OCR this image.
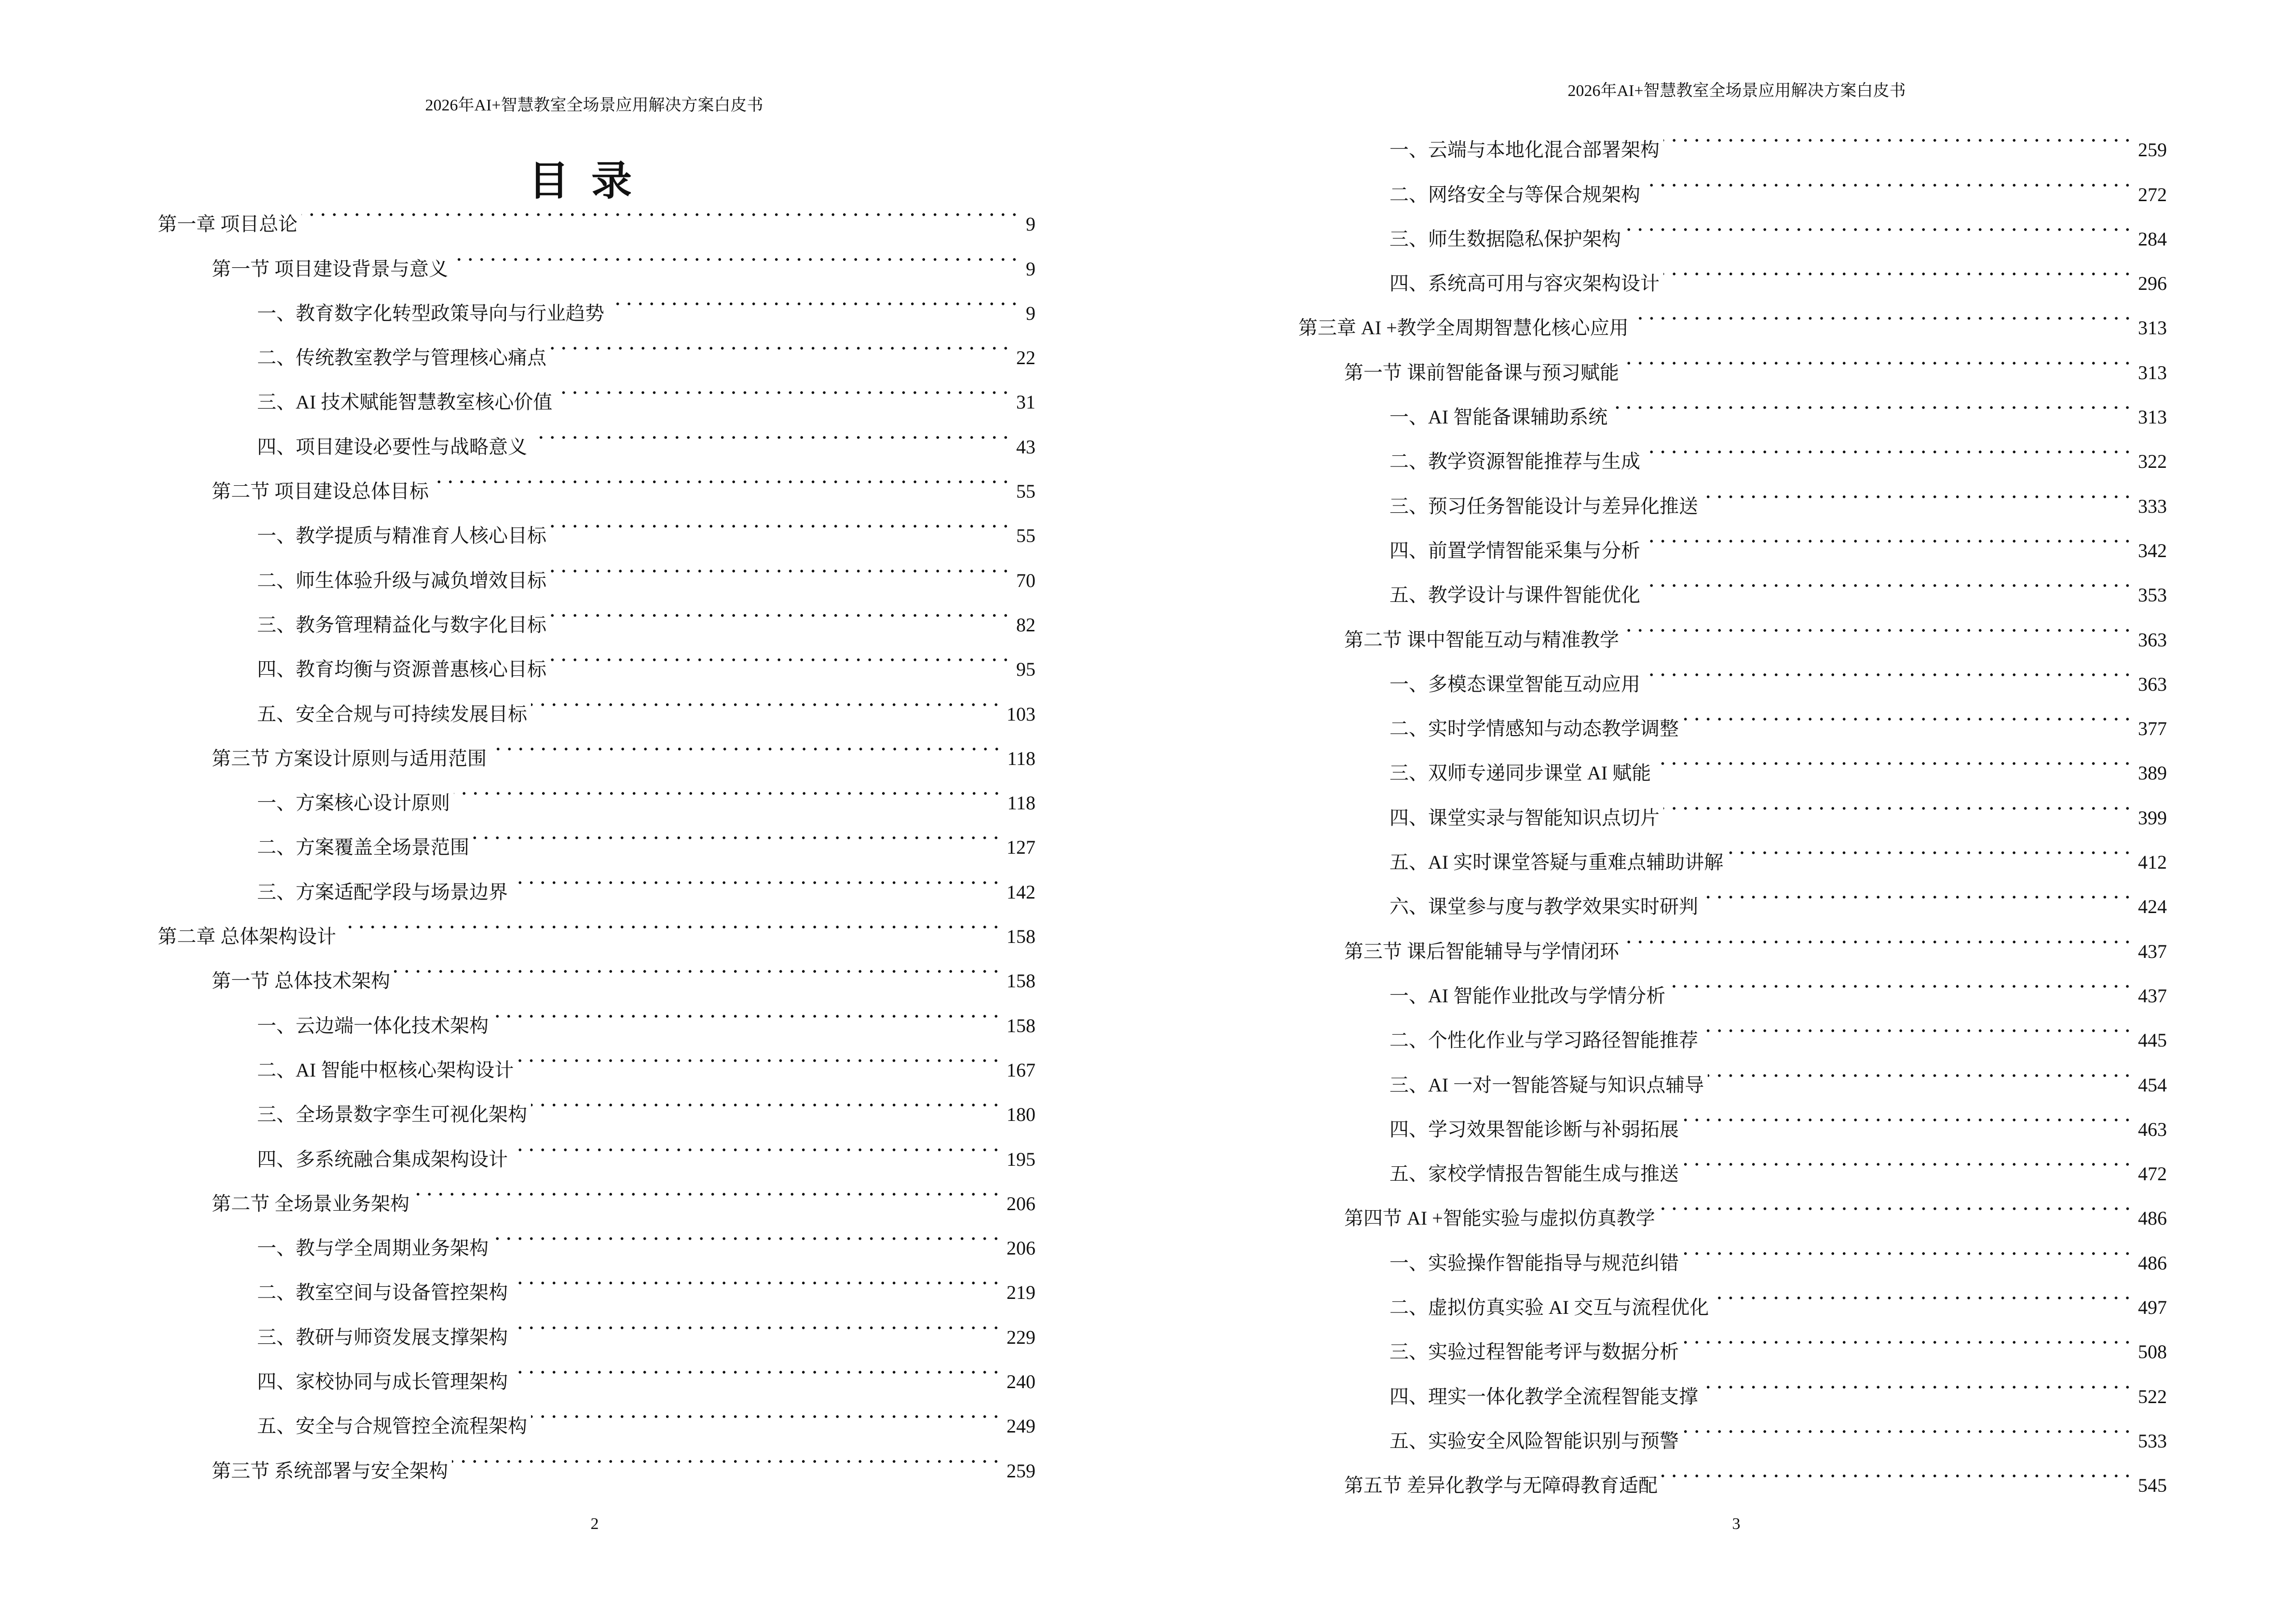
2026年AI+智慧教室全场景应用解决方案白皮书
目录
第一章 项目总论	9
第一节 项目建设背景与意义	9
一、教育数字化转型政策导向与行业趋势	9
二、传统教室教学与管理核心痛点	22
三、AI 技术赋能智慧教室核心价值	31
四、项目建设必要性与战略意义	43
第二节 项目建设总体目标	55
一、教学提质与精准育人核心目标	55
二、师生体验升级与减负增效目标	70
三、教务管理精益化与数字化目标	82
四、教育均衡与资源普惠核心目标	95
五、安全合规与可持续发展目标	103
第三节 方案设计原则与适用范围	118
一、方案核心设计原则	118
二、方案覆盖全场景范围	127
三、方案适配学段与场景边界	142
第二章 总体架构设计	158
第一节 总体技术架构	158
一、云边端一体化技术架构	158
二、AI 智能中枢核心架构设计	167
三、全场景数字孪生可视化架构	180
四、多系统融合集成架构设计	195
第二节 全场景业务架构	206
一、教与学全周期业务架构	206
二、教室空间与设备管控架构	219
三、教研与师资发展支撑架构	229
四、家校协同与成长管理架构	240
五、安全与合规管控全流程架构	249
第三节 系统部署与安全架构	259
2
2026年AI+智慧教室全场景应用解决方案白皮书
一、云端与本地化混合部署架构	259
二、网络安全与等保合规架构	272
三、师生数据隐私保护架构	284
四、系统高可用与容灾架构设计	296
第三章 AI +教学全周期智慧化核心应用	313
第一节 课前智能备课与预习赋能	313
一、AI 智能备课辅助系统	313
二、教学资源智能推荐与生成	322
三、预习任务智能设计与差异化推送	333
四、前置学情智能采集与分析	342
五、教学设计与课件智能优化	353
第二节 课中智能互动与精准教学	363
一、多模态课堂智能互动应用	363
二、实时学情感知与动态教学调整	377
三、双师专递同步课堂 AI 赋能	389
四、课堂实录与智能知识点切片	399
五、AI 实时课堂答疑与重难点辅助讲解	412
六、课堂参与度与教学效果实时研判	424
第三节 课后智能辅导与学情闭环	437
一、AI 智能作业批改与学情分析	437
二、个性化作业与学习路径智能推荐	445
三、AI 一对一智能答疑与知识点辅导	454
四、学习效果智能诊断与补弱拓展	463
五、家校学情报告智能生成与推送	472
第四节 AI +智能实验与虚拟仿真教学	486
一、实验操作智能指导与规范纠错	486
二、虚拟仿真实验 AI 交互与流程优化	497
三、实验过程智能考评与数据分析	508
四、理实一体化教学全流程智能支撑	522
五、实验安全风险智能识别与预警	533
第五节 差异化教学与无障碍教育适配	545
3
